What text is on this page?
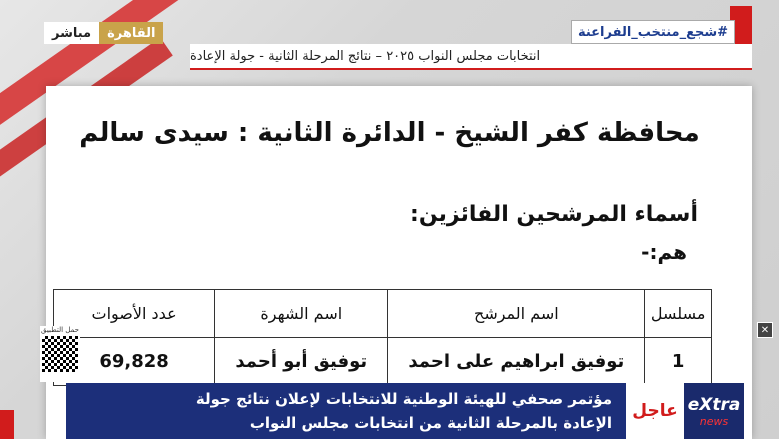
محافظة كفر الشيخ - الدائرة الثانية : سيدى سالم
أسماء المرشحين الفائزين:
هم:-
مسلسل	اسم المرشح	اسم الشهرة	عدد الأصوات
1	توفيق ابراهيم على احمد	توفيق أبو أحمد	69,828
#شجع_منتخب_الفراعنة
انتخابات مجلس النواب ٢٠٢٥ – نتائج المرحلة الثانية - جولة الإعادة
مباشر	القاهرة
حمل التطبيق	✕
مؤتمر صحفي للهيئة الوطنية للانتخابات لإعلان نتائج جولة
الإعادة بالمرحلة الثانية من انتخابات مجلس النواب
عاجل eXtra
news
